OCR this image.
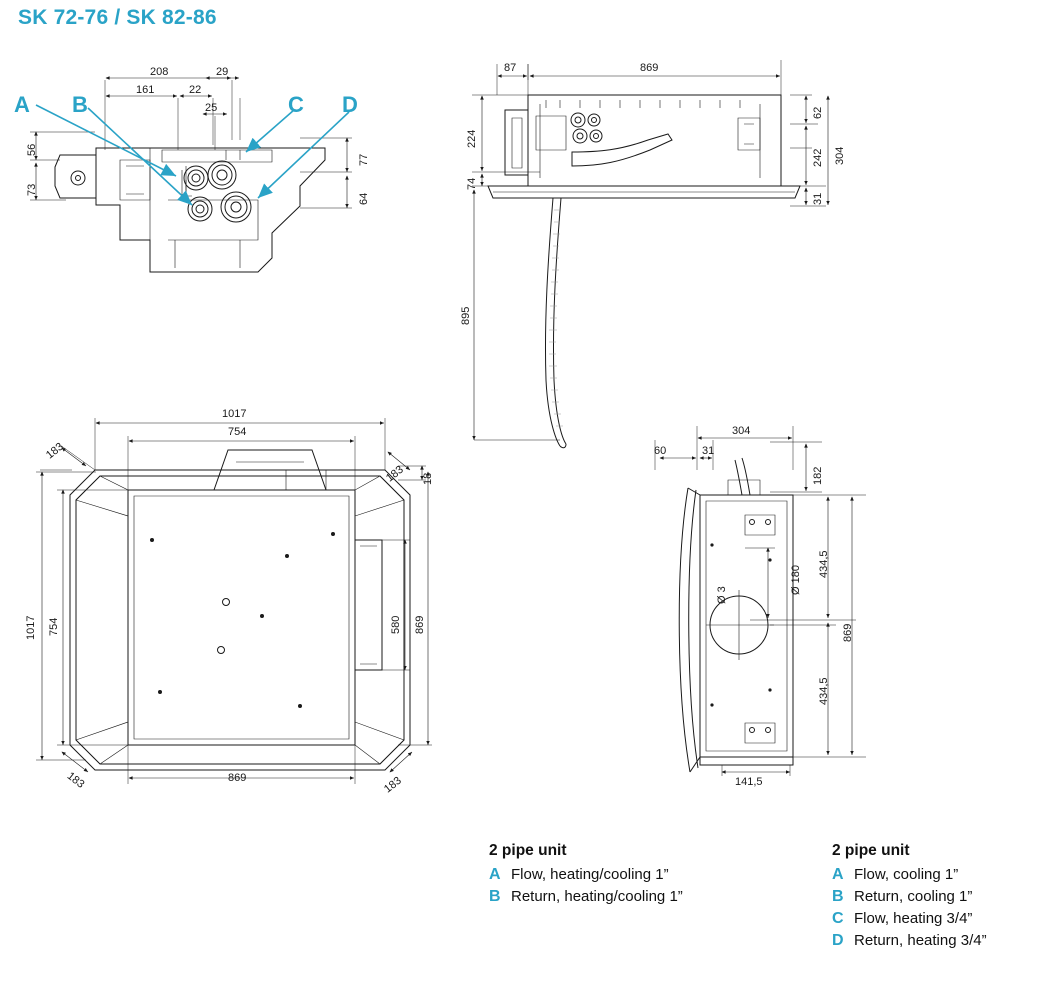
SK 72-76 / SK 82-86
A B	C D
208	29
161	22
25
56
73
77
64
87	869
62
304
224
242
74
31
895
1017
754
183
183 18
1017 754	580 869
183	869	183
304
60	31
182
434,5
Ø 180
Ø 3
869
434,5
141,5
2 pipe unit
A Flow, heating/cooling 1”
B Return, heating/cooling 1”
2 pipe unit
A Flow, cooling 1”
B Return, cooling 1”
C Flow, heating 3/4”
D Return, heating 3/4”
